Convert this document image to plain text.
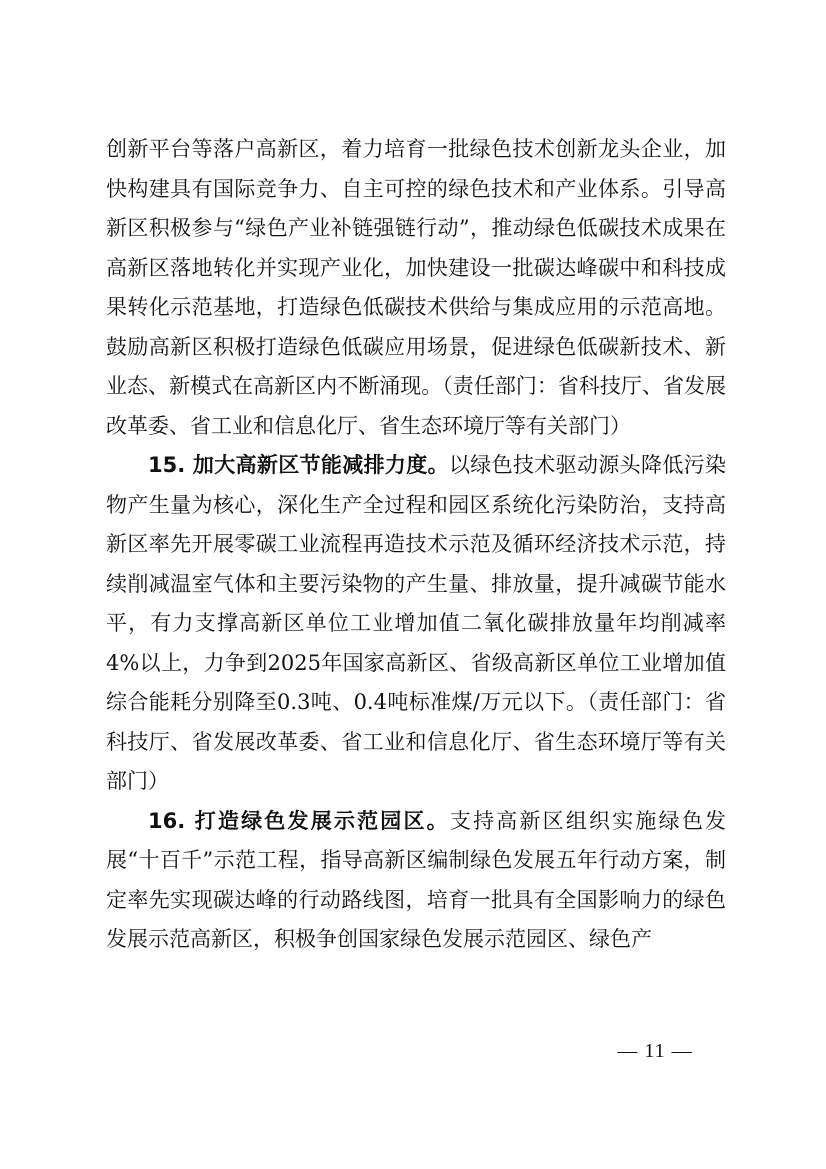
创新平台等落户高新区，着力培育一批绿色技术创新龙头企业，加快构建具有国际竞争力、自主可控的绿色技术和产业体系。引导高新区积极参与“绿色产业补链强链行动”，推动绿色低碳技术成果在高新区落地转化并实现产业化，加快建设一批碳达峰碳中和科技成果转化示范基地，打造绿色低碳技术供给与集成应用的示范高地。鼓励高新区积极打造绿色低碳应用场景，促进绿色低碳新技术、新业态、新模式在高新区内不断涌现。（责任部门：省科技厅、省发展改革委、省工业和信息化厅、省生态环境厅等有关部门）

15. 加大高新区节能减排力度。以绿色技术驱动源头降低污染物产生量为核心，深化生产全过程和园区系统化污染防治，支持高新区率先开展零碳工业流程再造技术示范及循环经济技术示范，持续削减温室气体和主要污染物的产生量、排放量，提升减碳节能水平，有力支撑高新区单位工业增加值二氧化碳排放量年均削减率4%以上，力争到2025年国家高新区、省级高新区单位工业增加值综合能耗分别降至0.3吨、0.4吨标准煤/万元以下。（责任部门：省科技厅、省发展改革委、省工业和信息化厅、省生态环境厅等有关部门）

16. 打造绿色发展示范园区。支持高新区组织实施绿色发展“十百千”示范工程，指导高新区编制绿色发展五年行动方案，制定率先实现碳达峰的行动路线图，培育一批具有全国影响力的绿色发展示范高新区，积极争创国家绿色发展示范园区、绿色产

— 11 —
